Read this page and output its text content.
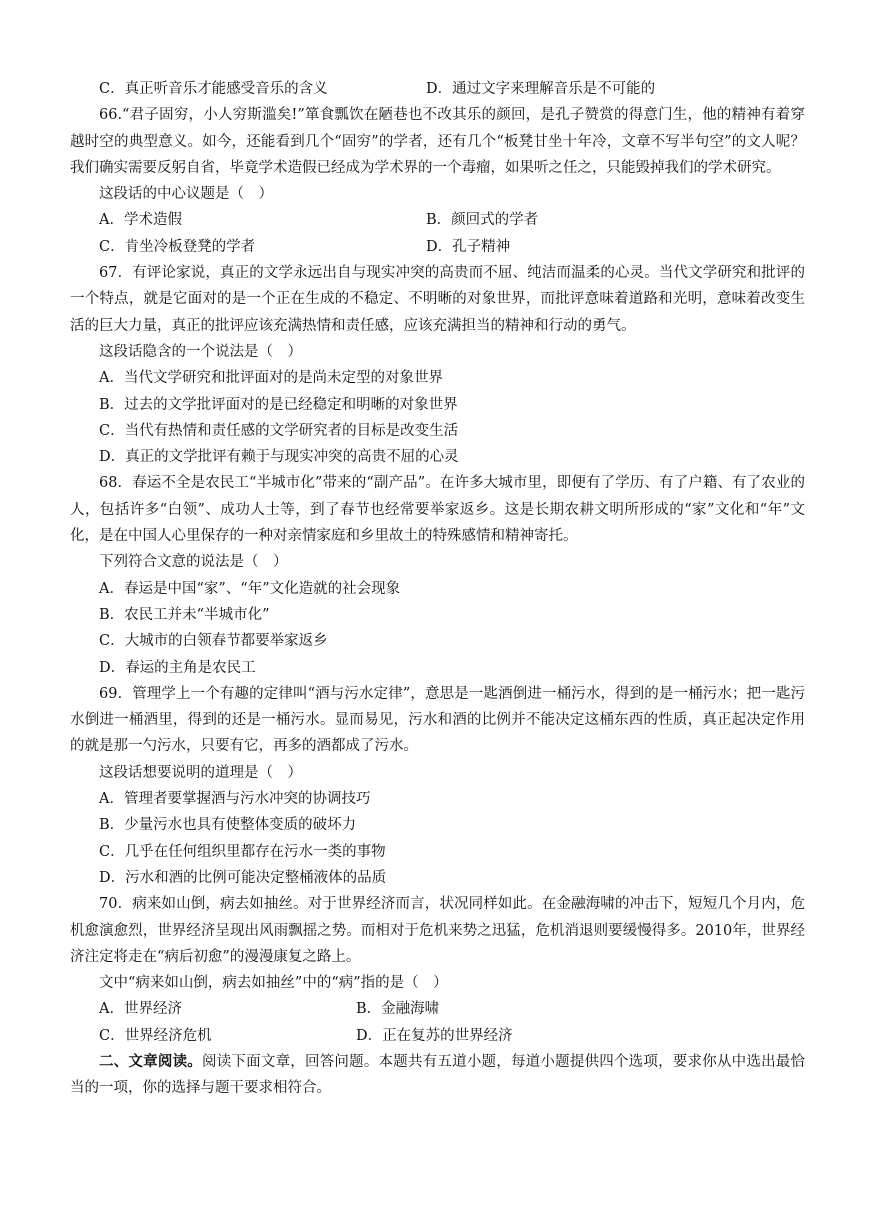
C．真正听音乐才能感受音乐的含义	D．通过文字来理解音乐是不可能的

66.“君子固穷，小人穷斯滥矣!”箪食瓢饮在陋巷也不改其乐的颜回，是孔子赞赏的得意门生，他的精神有着穿越时空的典型意义。如今，还能看到几个“固穷”的学者，还有几个“板凳甘坐十年冷，文章不写半句空”的文人呢？我们确实需要反躬自省，毕竟学术造假已经成为学术界的一个毒瘤，如果听之任之，只能毁掉我们的学术研究。

这段话的中心议题是（　）

A．学术造假	B．颜回式的学者
C．肯坐冷板登凳的学者	D．孔子精神

67．有评论家说，真正的文学永远出自与现实冲突的高贵而不屈、纯洁而温柔的心灵。当代文学研究和批评的一个特点，就是它面对的是一个正在生成的不稳定、不明晰的对象世界，而批评意味着道路和光明，意味着改变生活的巨大力量，真正的批评应该充满热情和责任感，应该充满担当的精神和行动的勇气。

这段话隐含的一个说法是（　）

A．当代文学研究和批评面对的是尚未定型的对象世界

B．过去的文学批评面对的是已经稳定和明晰的对象世界

C．当代有热情和责任感的文学研究者的目标是改变生活

D．真正的文学批评有赖于与现实冲突的高贵不屈的心灵

68．春运不全是农民工“半城市化”带来的“副产品”。在许多大城市里，即便有了学历、有了户籍、有了农业的人，包括许多“白领”、成功人士等，到了春节也经常要举家返乡。这是长期农耕文明所形成的“家”文化和“年”文化，是在中国人心里保存的一种对亲情家庭和乡里故土的特殊感情和精神寄托。

下列符合文意的说法是（　）

A．春运是中国“家”、“年”文化造就的社会现象

B．农民工并未“半城市化”

C．大城市的白领春节都要举家返乡

D．春运的主角是农民工

69．管理学上一个有趣的定律叫“酒与污水定律”，意思是一匙酒倒进一桶污水，得到的是一桶污水；把一匙污水倒进一桶酒里，得到的还是一桶污水。显而易见，污水和酒的比例并不能决定这桶东西的性质，真正起决定作用的就是那一勺污水，只要有它，再多的酒都成了污水。

这段话想要说明的道理是（　）

A．管理者要掌握酒与污水冲突的协调技巧

B．少量污水也具有使整体变质的破坏力

C．几乎在任何组织里都存在污水一类的事物

D．污水和酒的比例可能决定整桶液体的品质

70．病来如山倒，病去如抽丝。对于世界经济而言，状况同样如此。在金融海啸的冲击下，短短几个月内，危机愈演愈烈，世界经济呈现出风雨飘摇之势。而相对于危机来势之迅猛，危机消退则要缓慢得多。2010年，世界经济注定将走在“病后初愈”的漫漫康复之路上。

文中“病来如山倒，病去如抽丝”中的“病”指的是（　）

A．世界经济	B．金融海啸
C．世界经济危机	D．正在复苏的世界经济

二、文章阅读。阅读下面文章，回答问题。本题共有五道小题，每道小题提供四个选项，要求你从中选出最恰当的一项，你的选择与题干要求相符合。
